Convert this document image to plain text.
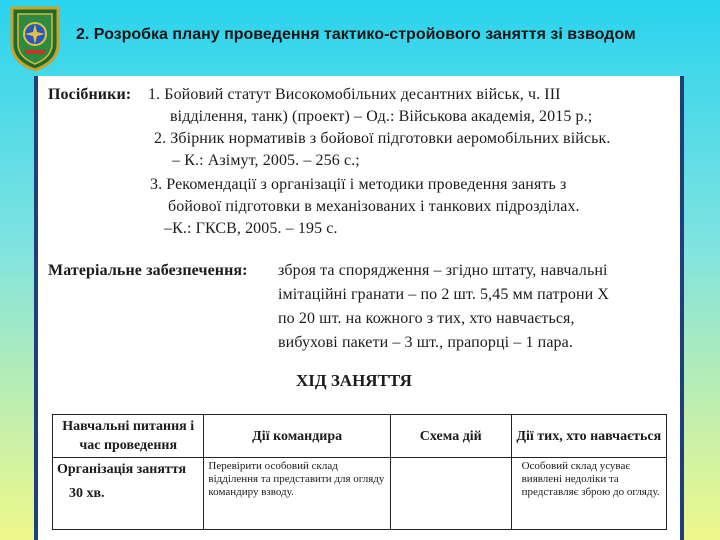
2. Розробка плану проведення тактико-стройового заняття зі взводом
Посібники: 1. Бойовий статут Високомобільних десантних військ, ч. III
відділення, танк) (проект) – Од.: Військова академія, 2015 р.;
2. Збірник нормативів з бойової підготовки аеромобільних військ.
– К.: Азімут, 2005. – 256 с.;
3. Рекомендації з організації і методики проведення занять з
бойової підготовки в механізованих і танкових підрозділах.
–К.: ГКСВ, 2005. – 195 с.
Матеріальне забезпечення: зброя та спорядження – згідно штату, навчальні
імітаційні гранати – по 2 шт. 5,45 мм патрони Х
по 20 шт. на кожного з тих, хто навчається,
вибухові пакети – 3 шт., прапорці – 1 пара.
ХІД ЗАНЯТТЯ
Навчальні питання і час проведення	Дії командира	Схема дій	Дії тих, хто навчається
Організація заняття
30 хв.	Перевірити особовий склад відділення та представити для огляду командиру взводу.		Особовий склад усуває виявлені недоліки та представляє зброю до огляду.
